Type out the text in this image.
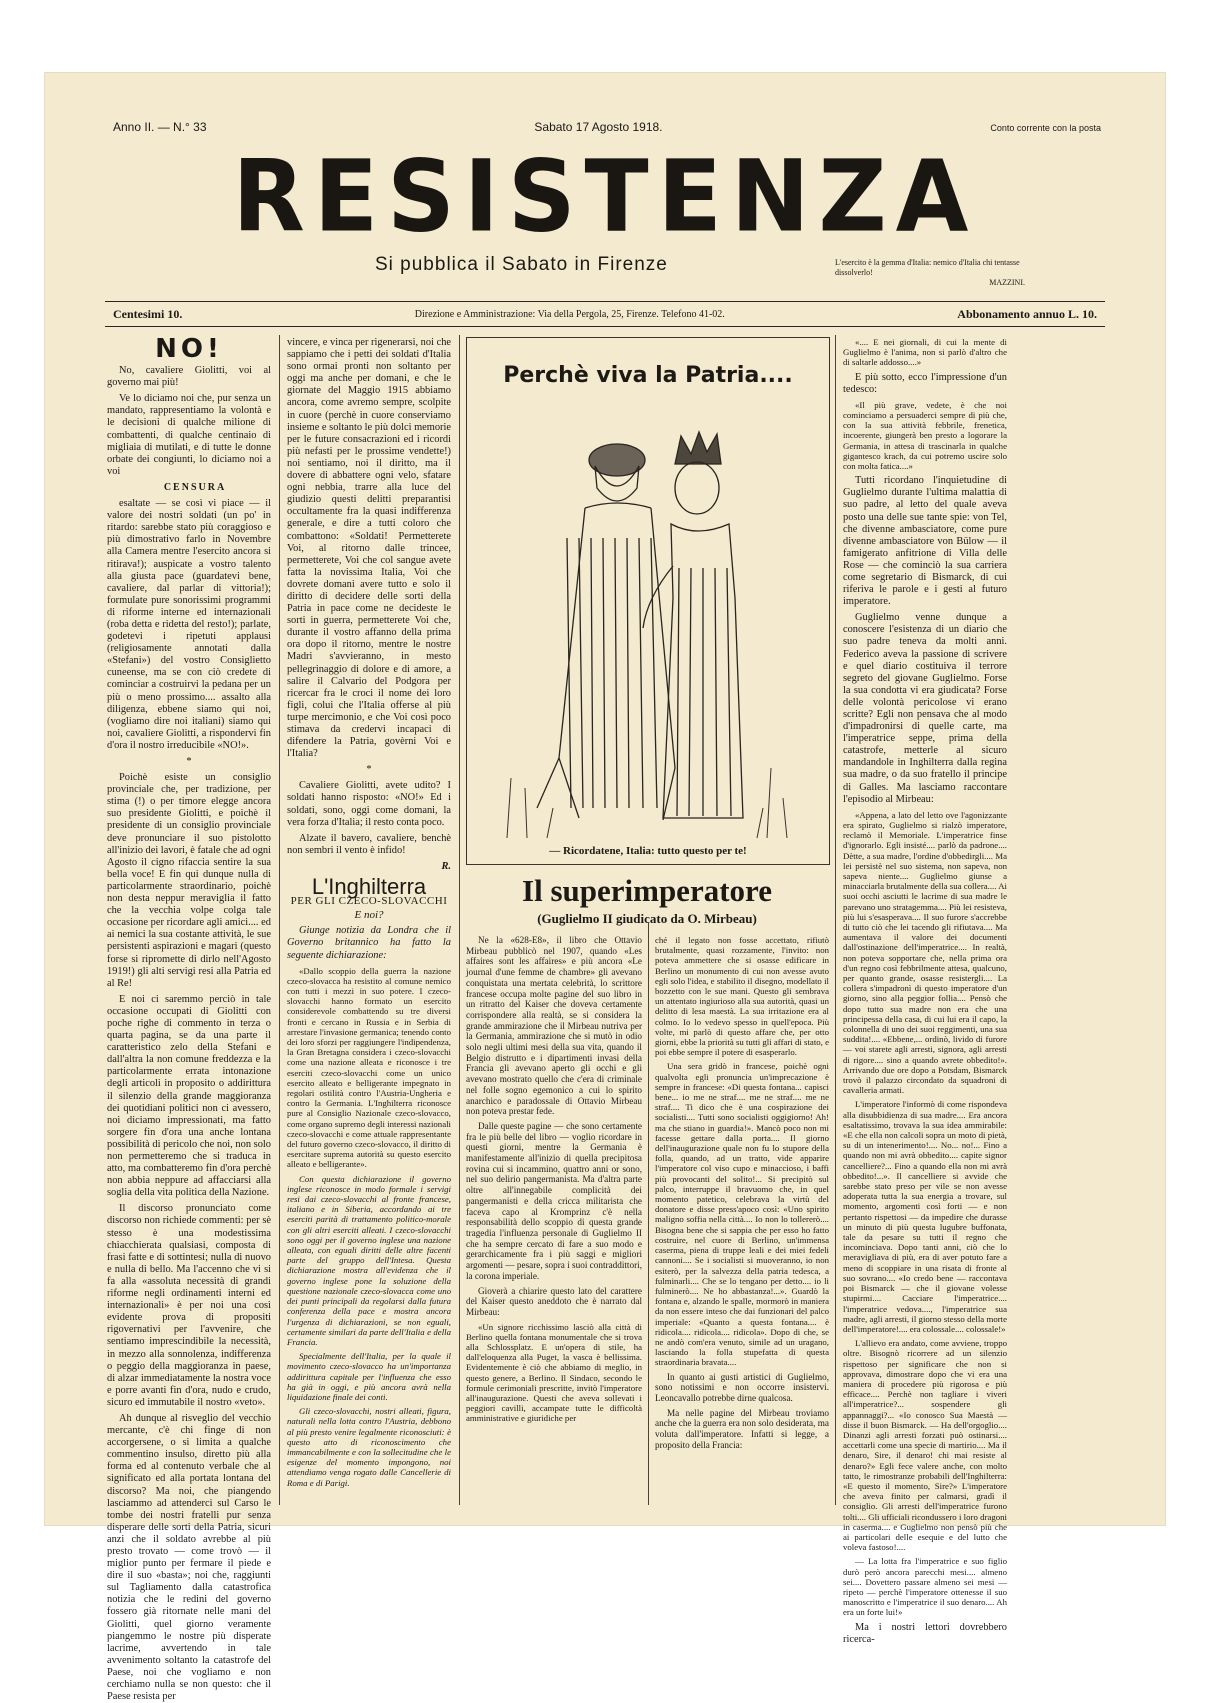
Anno II. — N.° 33	Sabato 17 Agosto 1918.	Conto corrente con la posta
RESISTENZA
Si pubblica il Sabato in Firenze	L'esercito è la gemma d'Italia: nemico d'Italia chi tentasse dissolverlo!
MAZZINI.
Centesimi 10.	Direzione e Amministrazione: Via della Pergola, 25, Firenze. Telefono 41-02.	Abbonamento annuo L. 10.
NO!

No, cavaliere Giolitti, voi al governo mai più!

Ve lo diciamo noi che, pur senza un mandato, rappresentiamo la volontà e le decisioni di qualche milione di combattenti, di qualche centinaio di migliaia di mutilati, e di tutte le donne orbate dei congiunti, lo diciamo noi a voi

CENSURA

esaltate — se così vi piace — il valore dei nostri soldati (un po' in ritardo: sarebbe stato più coraggioso e più dimostrativo farlo in Novembre alla Camera mentre l'esercito ancora si ritirava!); auspicate a vostro talento alla giusta pace (guardatevi bene, cavaliere, dal parlar di vittoria!); formulate pure sonorissimi programmi di riforme interne ed internazionali (roba detta e ridetta del resto!); parlate, godetevi i ripetuti applausi (religiosamente annotati dalla «Stefani») del vostro Consiglietto cuneense, ma se con ciò credete di cominciar a costruirvi la pedana per un più o meno prossimo.... assalto alla diligenza, ebbene siamo qui noi, (vogliamo dire noi italiani) siamo qui noi, cavaliere Giolitti, a rispondervi fin d'ora il nostro irreducibile «NO!».

*

Poichè esiste un consiglio provinciale che, per tradizione, per stima (!) o per timore elegge ancora suo presidente Giolitti, e poichè il presidente di un consiglio provinciale deve pronunciare il suo pistolotto all'inizio dei lavori, è fatale che ad ogni Agosto il cigno rifaccia sentire la sua bella voce! E fin qui dunque nulla di particolarmente straordinario, poichè non desta neppur meraviglia il fatto che la vecchia volpe colga tale occasione per ricordare agli amici.... ed ai nemici la sua costante attività, le sue persistenti aspirazioni e magari (questo forse si ripromette di dirlo nell'Agosto 1919!) gli alti servigi resi alla Patria ed al Re!

E noi ci saremmo perciò in tale occasione occupati di Giolitti con poche righe di commento in terza o quarta pagina, se da una parte il caratteristico zelo della Stefani e dall'altra la non comune freddezza e la particolarmente errata intonazione degli articoli in proposito o addirittura il silenzio della grande maggioranza dei quotidiani politici non ci avessero, noi diciamo impressionati, ma fatto sorgere fin d'ora una anche lontana possibilità di pericolo che noi, non solo non permetteremo che si traduca in atto, ma combatteremo fin d'ora perchè non abbia neppure ad affacciarsi alla soglia della vita politica della Nazione.

Il discorso pronunciato come discorso non richiede commenti: per sè stesso è una modestissima chiacchierata qualsiasi, composta di frasi fatte e di sottintesi; nulla di nuovo e nulla di bello. Ma l'accenno che vi si fa alla «assoluta necessità di grandi riforme negli ordinamenti interni ed internazionali» è per noi una così evidente prova di propositi rigovernativi per l'avvenire, che sentiamo imprescindibile la necessità, in mezzo alla sonnolenza, indifferenza o peggio della maggioranza in paese, di alzar immediatamente la nostra voce e porre avanti fin d'ora, nudo e crudo, sicuro ed immutabile il nostro «veto».

Ah dunque al risveglio del vecchio mercante, c'è chi finge di non accorgersene, o si limita a qualche commentino insulso, diretto più alla forma ed al contenuto verbale che al significato ed alla portata lontana del discorso? Ma noi, che piangendo lasciammo ad attenderci sul Carso le tombe dei nostri fratelli pur senza disperare delle sorti della Patria, sicuri anzi che il soldato avrebbe al più presto trovato — come trovò — il miglior punto per fermare il piede e dire il suo «basta»; noi che, raggiunti sul Tagliamento dalla catastrofica notizia che le redini del governo fossero già ritornate nelle mani del Giolitti, quel giorno veramente piangemmo le nostre più disperate lacrime, avvertendo in tale avvenimento soltanto la catastrofe del Paese, noi che vogliamo e non cerchiamo nulla se non questo: che il Paese resista per

vincere, e vinca per rigenerarsi, noi che sappiamo che i petti dei soldati d'Italia sono ormai pronti non soltanto per oggi ma anche per domani, e che le giornate del Maggio 1915 abbiamo ancora, come avremo sempre, scolpite in cuore (perchè in cuore conserviamo insieme e soltanto le più dolci memorie per le future consacrazioni ed i ricordi più nefasti per le prossime vendette!) noi sentiamo, noi il diritto, ma il dovere di abbattere ogni velo, sfatare ogni nebbia, trarre alla luce del giudizio questi delitti preparantisi occultamente fra la quasi indifferenza generale, e dire a tutti coloro che combattono: «Soldati! Permetterete Voi, al ritorno dalle trincee, permetterete, Voi che col sangue avete fatta la novissima Italia, Voi che dovrete domani avere tutto e solo il diritto di decidere delle sorti della Patria in pace come ne decideste le sorti in guerra, permetterete Voi che, durante il vostro affanno della prima ora dopo il ritorno, mentre le nostre Madri s'avvieranno, in mesto pellegrinaggio di dolore e di amore, a salire il Calvario del Podgora per ricercar fra le croci il nome dei loro figli, colui che l'Italia offerse al più turpe mercimonio, e che Voi così poco stimava da credervi incapaci di difendere la Patria, govèrni Voi e l'Italia?

*

Cavaliere Giolitti, avete udito? I soldati hanno risposto: «NO!» Ed i soldati, sono, oggi come domani, la vera forza d'Italia; il resto conta poco.

Alzate il bavero, cavaliere, benchè non sembri il vento è infido!

R.

L'Inghilterra
PER GLI CZECO-SLOVACCHI
E noi?

Giunge notizia da Londra che il Governo britannico ha fatto la seguente dichiarazione:

«Dallo scoppio della guerra la nazione czeco-slovacca ha resistito al comune nemico con tutti i mezzi in suo potere. I czeco-slovacchi hanno formato un esercito considerevole combattendo su tre diversi fronti e cercano in Russia e in Serbia di arrestare l'invasione germanica; tenendo conto dei loro sforzi per raggiungere l'indipendenza, la Gran Bretagna considera i czeco-slovacchi come una nazione alleata e riconosce i tre eserciti czeco-slovacchi come un unico esercito alleato e belligerante impegnato in regolari ostilità contro l'Austria-Ungheria e contro la Germania. L'Inghilterra riconosce pure al Consiglio Nazionale czeco-slovacco, come organo supremo degli interessi nazionali czeco-slovacchi e come attuale rappresentante del futuro governo czeco-slovacco, il diritto di esercitare suprema autorità su questo esercito alleato e belligerante».

Con questa dichiarazione il governo inglese riconosce in modo formale i servigi resi dai czeco-slovacchi al fronte francese, italiano e in Siberia, accordando ai tre eserciti parità di trattamento politico-morale con gli altri eserciti alleati. I czeco-slovacchi sono oggi per il governo inglese una nazione alleata, con eguali diritti delle altre facenti parte del gruppo dell'Intesa. Questa dichiarazione mostra all'evidenza che il governo inglese pone la soluzione della questione nazionale czeco-slovacca come uno dei punti principali da regolarsi dalla futura conferenza della pace e mostra ancora l'urgenza di dichiarazioni, se non eguali, certamente similari da parte dell'Italia e della Francia.

Specialmente dell'Italia, per la quale il movimento czeco-slovacco ha un'importanza addirittura capitale per l'influenza che esso ha già in oggi, e più ancora avrà nella liquidazione finale dei conti.

Gli czeco-slovacchi, nostri alleati, figura, naturali nella lotta contro l'Austria, debbono al più presto venire legalmente riconosciuti: è questo atto di riconoscimento che immancabilmente e con la sollecitudine che le esigenze del momento impongono, noi attendiamo venga rogato dalle Cancellerie di Roma e di Parigi.

Perchè viva la Patria....
— Ricordatene, Italia: tutto questo per te!
Il superimperatore
(Guglielmo II giudicato da O. Mirbeau)

Ne la «628-E8», il libro che Ottavio Mirbeau pubblicò nel 1907, quando «Les affaires sont les affaires» e più ancora «Le journal d'une femme de chambre» gli avevano conquistata una mertata celebrità, lo scrittore francese occupa molte pagine del suo libro in un ritratto del Kaiser che doveva certamente corrispondere alla realtà, se si considera la grande ammirazione che il Mirbeau nutriva per la Germania, ammirazione che si mutò in odio solo negli ultimi mesi della sua vita, quando il Belgio distrutto e i dipartimenti invasi della Francia gli avevano aperto gli occhi e gli avevano mostrato quello che c'era di criminale nel folle sogno egemonico a cui lo spirito anarchico e paradossale di Ottavio Mirbeau non poteva prestar fede.

Dalle queste pagine — che sono certamente fra le più belle del libro — voglio ricordare in questi giorni, mentre la Germania è manifestamente all'inizio di quella precipitosa rovina cui si incammino, quattro anni or sono, nel suo delirio pangermanista. Ma d'altra parte oltre all'innegabile complicità dei pangermanisti e della cricca militarista che faceva capo al Kromprinz c'è nella responsabilità dello scoppio di questa grande tragedia l'influenza personale di Guglielmo II che ha sempre cercato di fare a suo modo e gerarchicamente fra i più saggi e migliori argomenti — pesare, sopra i suoi contraddittori, la corona imperiale.

Gioverà a chiarire questo lato del carattere del Kaiser questo aneddoto che è narrato dal Mirbeau:

«Un signore ricchissimo lasciò alla città di Berlino quella fontana monumentale che si trova alla Schlossplatz. E un'opera di stile, ha dall'eloquenza alla Puget, la vasca è bellissima. Evidentemente è ciò che abbiamo di meglio, in questo genere, a Berlino. Il Sindaco, secondo le formule cerimoniali prescritte, invitò l'imperatore all'inaugurazione. Questi che aveva sollevati i peggiori cavilli, accampate tutte le difficoltà amministrative e giuridiche per

ché il legato non fosse accettato, rifiutò brutalmente, quasi rozzamente, l'invito: non poteva ammettere che si osasse edificare in Berlino un monumento di cui non avesse avuto egli solo l'idea, e stabilito il disegno, modellato il bozzetto con le sue mani. Questo gli sembrava un attentato ingiurioso alla sua autorità, quasi un delitto di lesa maestà. La sua irritazione era al colmo. Io lo vedevo spesso in quell'epoca. Più volte, mi parlò di questo affare che, per otto giorni, ebbe la priorità su tutti gli affari di stato, e poi ebbe sempre il potere di esasperarlo.

Una sera gridò in francese, poichè ogni qualvolta egli pronuncia un'imprecazione è sempre in francese: «Di questa fontana... capisci bene... io me ne straf.... me ne straf.... me ne straf.... Ti dico che è una cospirazione dei socialisti.... Tutti sono socialisti oggigiorno! Ah! ma che stiano in guardia!». Mancò poco non mi facesse gettare dalla porta.... Il giorno dell'inaugurazione quale non fu lo stupore della folla, quando, ad un tratto, vide apparire l'imperatore col viso cupo e minaccioso, i baffi più provocanti del solito!... Si precipitò sul palco, interruppe il bravuomo che, in quel momento patetico, celebrava la virtù del donatore e disse press'apoco così: «Uno spirito maligno soffia nella città.... Io non lo tollererò.... Bisogna bene che si sappia che per esso ho fatto costruire, nel cuore di Berlino, un'immensa caserma, piena di truppe leali e dei miei fedeli cannoni.... Se i socialisti si muoveranno, io non esiterò, per la salvezza della patria tedesca, a fulminarli.... Che se lo tengano per detto.... io li fulminerò.... Ne ho abbastanza!...». Guardò la fontana e, alzando le spalle, mormorò in maniera da non essere inteso che dai funzionari del palco imperiale: «Quanto a questa fontana.... è ridicola.... ridicola.... ridicola». Dopo di che, se ne andò com'era venuto, simile ad un uragano, lasciando la folla stupefatta di questa straordinaria bravata....

In quanto ai gusti artistici di Guglielmo, sono notissimi e non occorre insistervi. Leoncavallo potrebbe dirne qualcosa.

Ma nelle pagine del Mirbeau troviamo anche che la guerra era non solo desiderata, ma voluta dall'imperatore. Infatti si legge, a proposito della Francia:

«.... E nei giornali, di cui la mente di Guglielmo è l'anima, non si parlò d'altro che di saltarle addosso....»

E più sotto, ecco l'impressione d'un tedesco:

«Il più grave, vedete, è che noi cominciamo a persuaderci sempre di più che, con la sua attività febbrile, frenetica, incoerente, giungerà ben presto a logorare la Germania, in attesa di trascinarla in qualche gigantesco krach, da cui potremo uscire solo con molta fatica....»

Tutti ricordano l'inquietudine di Guglielmo durante l'ultima malattia di suo padre, al letto del quale aveva posto una delle sue tante spie: von Tel, che divenne ambasciatore, come pure divenne ambasciatore von Bülow — il famigerato anfitrione di Villa delle Rose — che cominciò la sua carriera come segretario di Bismarck, di cui riferiva le parole e i gesti al futuro imperatore.

Guglielmo venne dunque a conoscere l'esistenza di un diario che suo padre teneva da molti anni. Federico aveva la passione di scrivere e quel diario costituiva il terrore segreto del giovane Guglielmo. Forse la sua condotta vi era giudicata? Forse delle volontà pericolose vi erano scritte? Egli non pensava che al modo d'impadronirsi di quelle carte, ma l'imperatrice seppe, prima della catastrofe, metterle al sicuro mandandole in Inghilterra dalla regina sua madre, o da suo fratello il principe di Galles. Ma lasciamo raccontare l'episodio al Mirbeau:

«Appena, a lato del letto ove l'agonizzante era spirato, Guglielmo si rialzò imperatore, reclamò il Memoriale. L'imperatrice finse d'ignorarlo. Egli insisté.... parlò da padrone.... Dètte, a sua madre, l'ordine d'obbedirgli.... Ma lei persistè nel suo sistema, non sapeva, non sapeva niente.... Guglielmo giunse a minacciarla brutalmente della sua collera.... Ai suoi occhi asciutti le lacrime di sua madre le parevano uno stratagemma.... Più lei resisteva, più lui s'esasperava.... Il suo furore s'accrebbe di tutto ciò che lei tacendo gli rifiutava.... Ma aumentava il valore dei documenti dall'ostinazione dell'imperatrice.... In realtà, non poteva sopportare che, nella prima ora d'un regno così febbrilmente attesa, qualcuno, per quanto grande, osasse resistergli.... La collera s'impadronì di questo imperatore d'un giorno, sino alla peggior follia.... Pensò che dopo tutto sua madre non era che una principessa della casa, di cui lui era il capo, la colonnella di uno dei suoi reggimenti, una sua suddita!.... «Ebbene,... ordinò, livido di furore — voi starete agli arresti, signora, agli arresti di rigore.... sino a quando avrete obbedito!». Arrivando due ore dopo a Potsdam, Bismarck trovò il palazzo circondato da squadroni di cavalleria armati.

L'imperatore l'informò di come rispondeva alla disubbidienza di sua madre.... Era ancora esaltatissimo, trovava la sua idea ammirabile: «E che ella non calcoli sopra un moto di pietà, su di un intenerimento!.... No... no!... Fino a quando non mi avrà obbedito.... capite signor cancelliere?... Fino a quando ella non mi avrà obbedito!...». Il cancelliere si avvide che sarebbe stato preso per vile se non avesse adoperata tutta la sua energia a trovare, sul momento, argomenti così forti — e non pertanto rispettosi — da impedire che durasse un minuto di più questa lugubre buffonata, tale da pesare su tutti il regno che incominciava. Dopo tanti anni, ciò che lo meravigliava di più, era di aver potuto fare a meno di scoppiare in una risata di fronte al suo sovrano.... «Io credo bene — raccontava poi Bismarck — che il giovane volesse stupirmi.... Cacciare l'imperatrice.... l'imperatrice vedova...., l'imperatrice sua madre, agli arresti, il giorno stesso della morte dell'imperatore!.... era colossale.... colossale!»

L'allievo era andato, come avviene, troppo oltre. Bisognò ricorrere ad un silenzio rispettoso per significare che non si approvava, dimostrare dopo che vi era una maniera di procedere più rigorosa e più efficace.... Perchè non tagliare i viveri all'imperatrice?... sospendere gli appannaggi?... «Io conosco Sua Maestà — disse il buon Bismarck. — Ha dell'orgoglio.... Dinanzi agli arresti forzati può ostinarsi.... accettarli come una specie di martirio.... Ma il denaro, Sire, il denaro! chi mai resiste al denaro?» Egli fece valere anche, con molto tatto, le rimostranze probabili dell'Inghilterra: «E questo il momento, Sire?» L'imperatore che aveva finito per calmarsi, gradì il consiglio. Gli arresti dell'imperatrice furono tolti.... Gli ufficiali ricondussero i loro dragoni in caserma.... e Guglielmo non pensò più che ai particolari delle esequie e del lutto che voleva fastoso!....

— La lotta fra l'imperatrice e suo figlio durò però ancora parecchi mesi.... almeno sei.... Dovettero passare almeno sei mesi — ripeto — perchè l'imperatore ottenesse il suo manoscritto e l'imperatrice il suo denaro.... Ah era un forte lui!»

Ma i nostri lettori dovrebbero ricerca-
